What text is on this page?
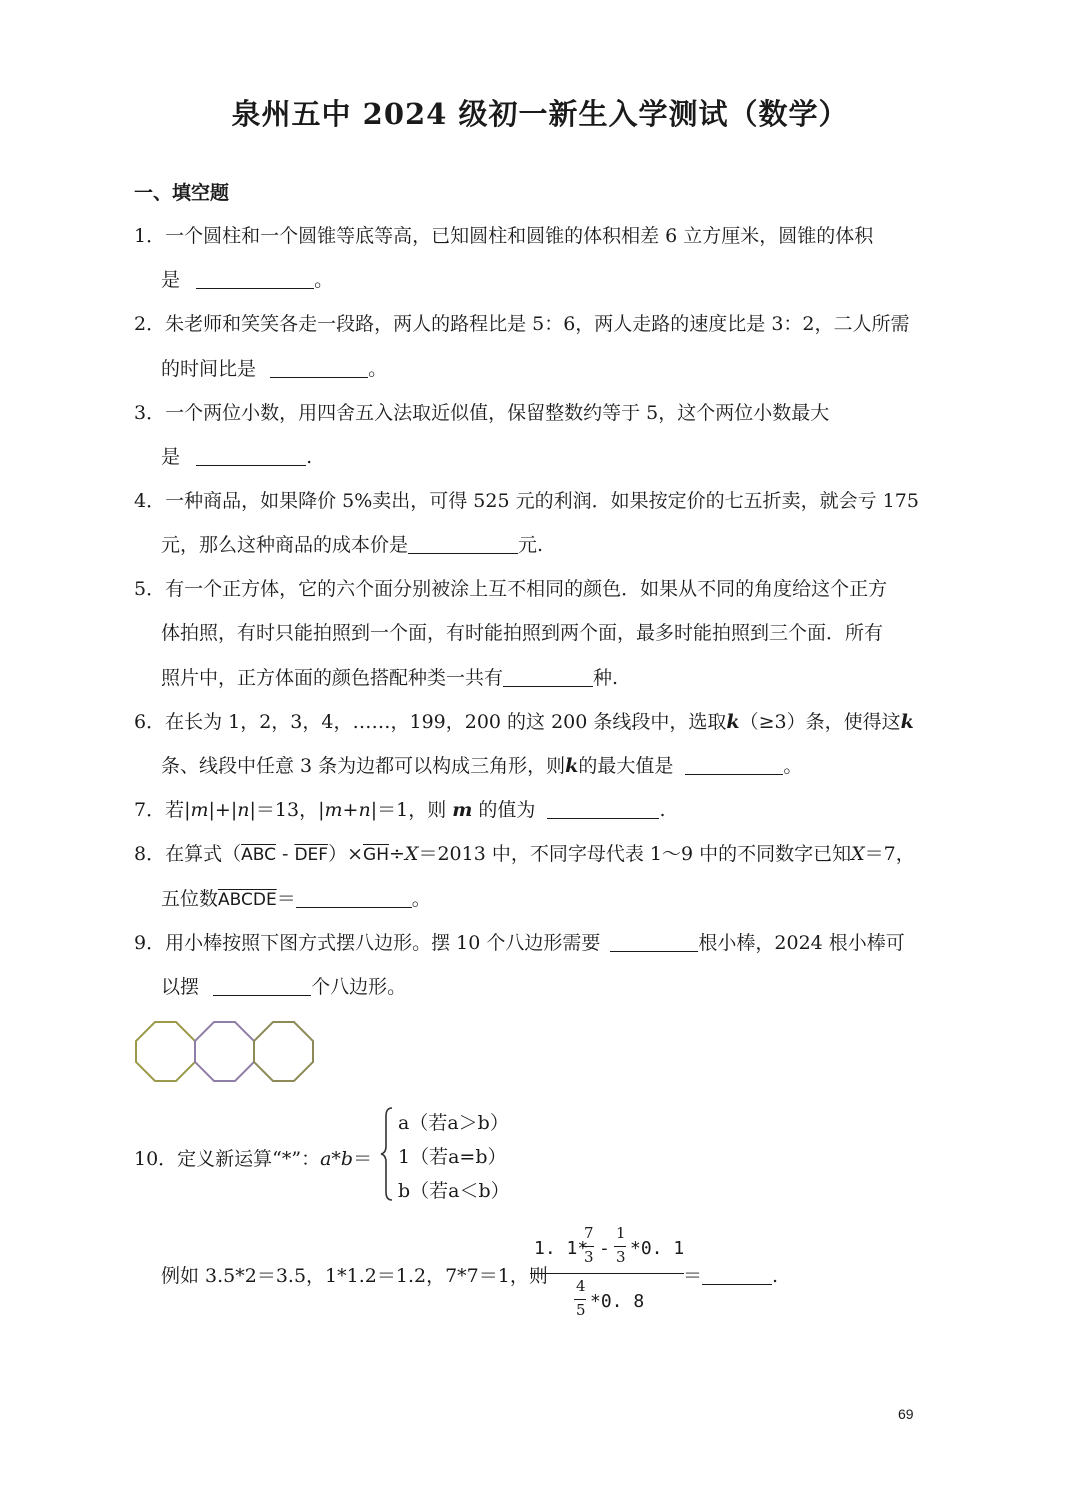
泉州五中 2024 级初一新生入学测试（数学）
一、填空题
1．一个圆柱和一个圆锥等底等高，已知圆柱和圆锥的体积相差 6 立方厘米，圆锥的体积
是	。
2．朱老师和笑笑各走一段路，两人的路程比是 5：6，两人走路的速度比是 3：2，二人所需
的时间比是	。
3．一个两位小数，用四舍五入法取近似值，保留整数约等于 5，这个两位小数最大
是	.
4．一种商品，如果降价 5%卖出，可得 525 元的利润．如果按定价的七五折卖，就会亏 175
元，那么这种商品的成本价是	元.
5．有一个正方体，它的六个面分别被涂上互不相同的颜色．如果从不同的角度给这个正方
体拍照，有时只能拍照到一个面，有时能拍照到两个面，最多时能拍照到三个面．所有
照片中，正方体面的颜色搭配种类一共有	种.
6．在长为 1，2，3，4，……，199，200 的这 200 条线段中，选取k（≥3）条，使得这k
条、线段中任意 3 条为边都可以构成三角形，则k的最大值是	。
7．若|m|+|n|＝13，|m+n|＝1，则 m 的值为	.
8．在算式$(\overline{ABC} - \overline{DEF})\times\overline{GH}\div X=2013$ 中，不同字母代表 1～9 中的不同数字已知X＝7，
五位数ABCDE＝	。
9．用小棒按照下图方式摆八边形。摆 10 个八边形需要	根小棒，2024 根小棒可
以摆	个八边形。
10．定义新运算“*”：a*b＝
a（若a＞b）
1（若a=b）
b（若a＜b）
例如 3.5*2＝3.5，1*1.2＝1.2，7*7＝1，则
1. 1*
7
3 -
1
3 *0. 1
4
5 *0. 8
＝	.
69
